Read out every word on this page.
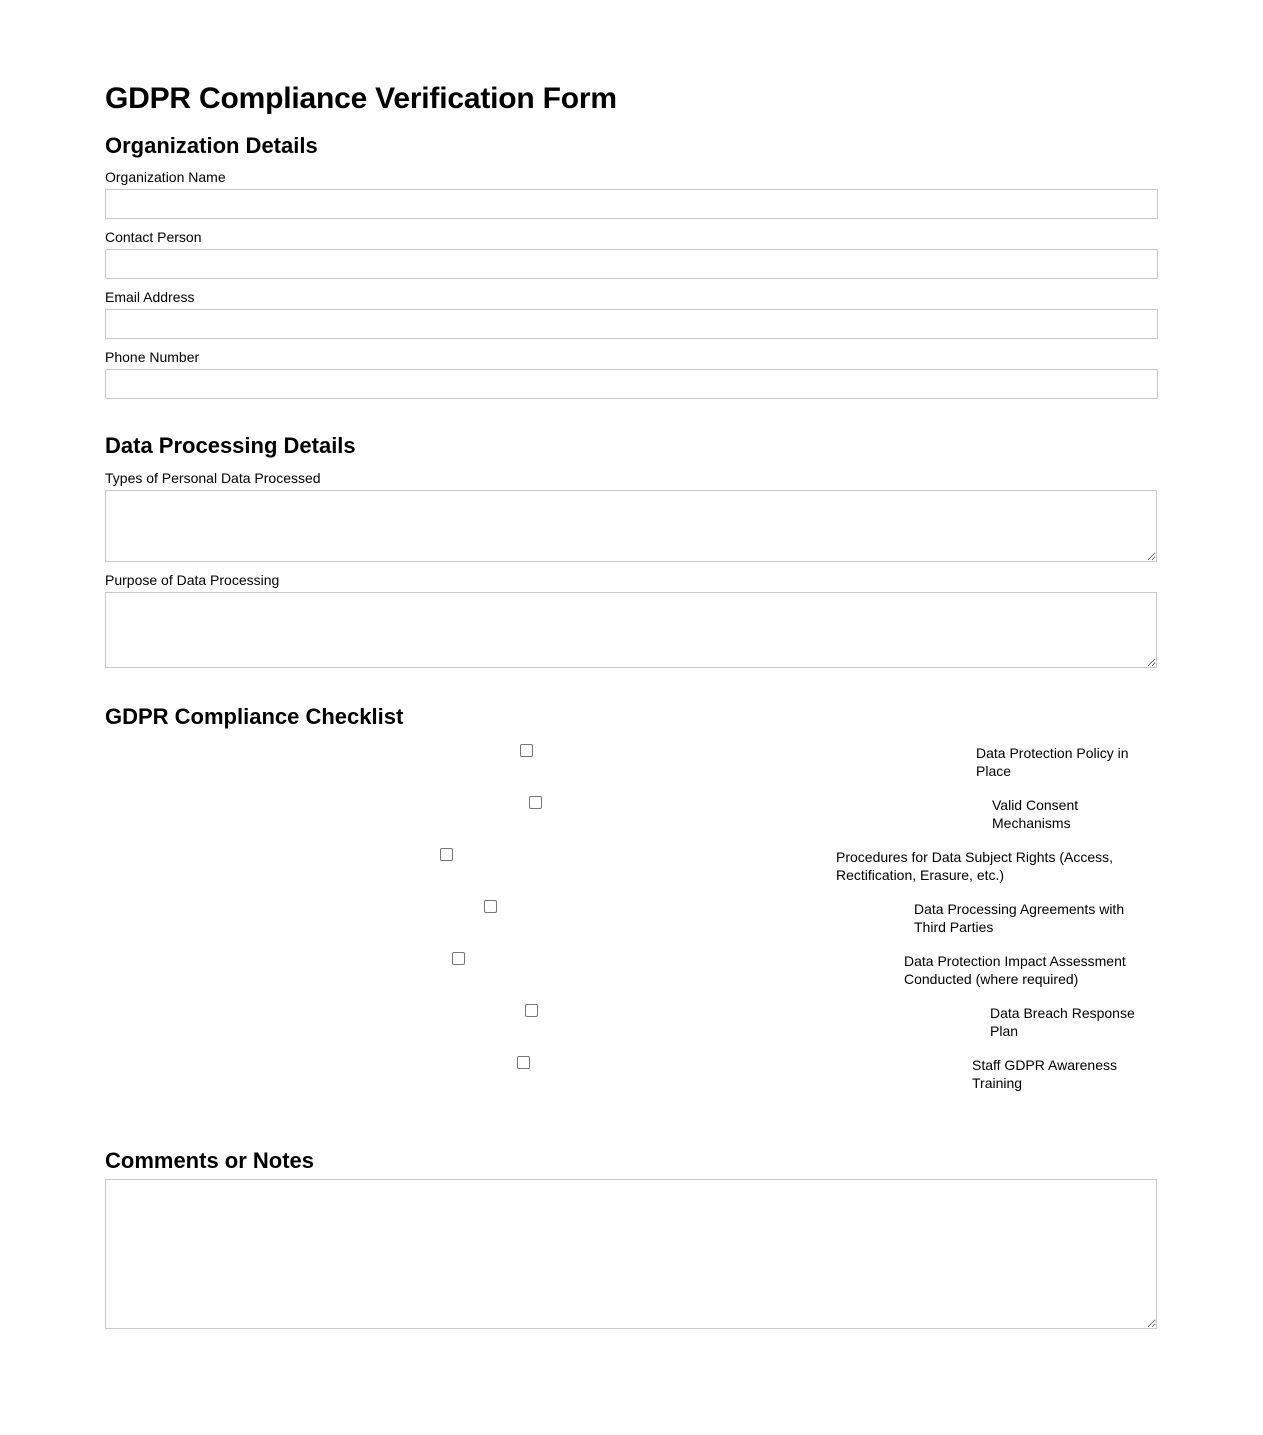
GDPR Compliance Verification Form
Organization Details
Organization Name
Contact Person
Email Address
Phone Number
Data Processing Details
Types of Personal Data Processed
Purpose of Data Processing
GDPR Compliance Checklist
Data Protection Policy in Place
Valid Consent Mechanisms
Procedures for Data Subject Rights (Access, Rectification, Erasure, etc.)
Data Processing Agreements with Third Parties
Data Protection Impact Assessment Conducted (where required)
Data Breach Response Plan
Staff GDPR Awareness Training
Comments or Notes
